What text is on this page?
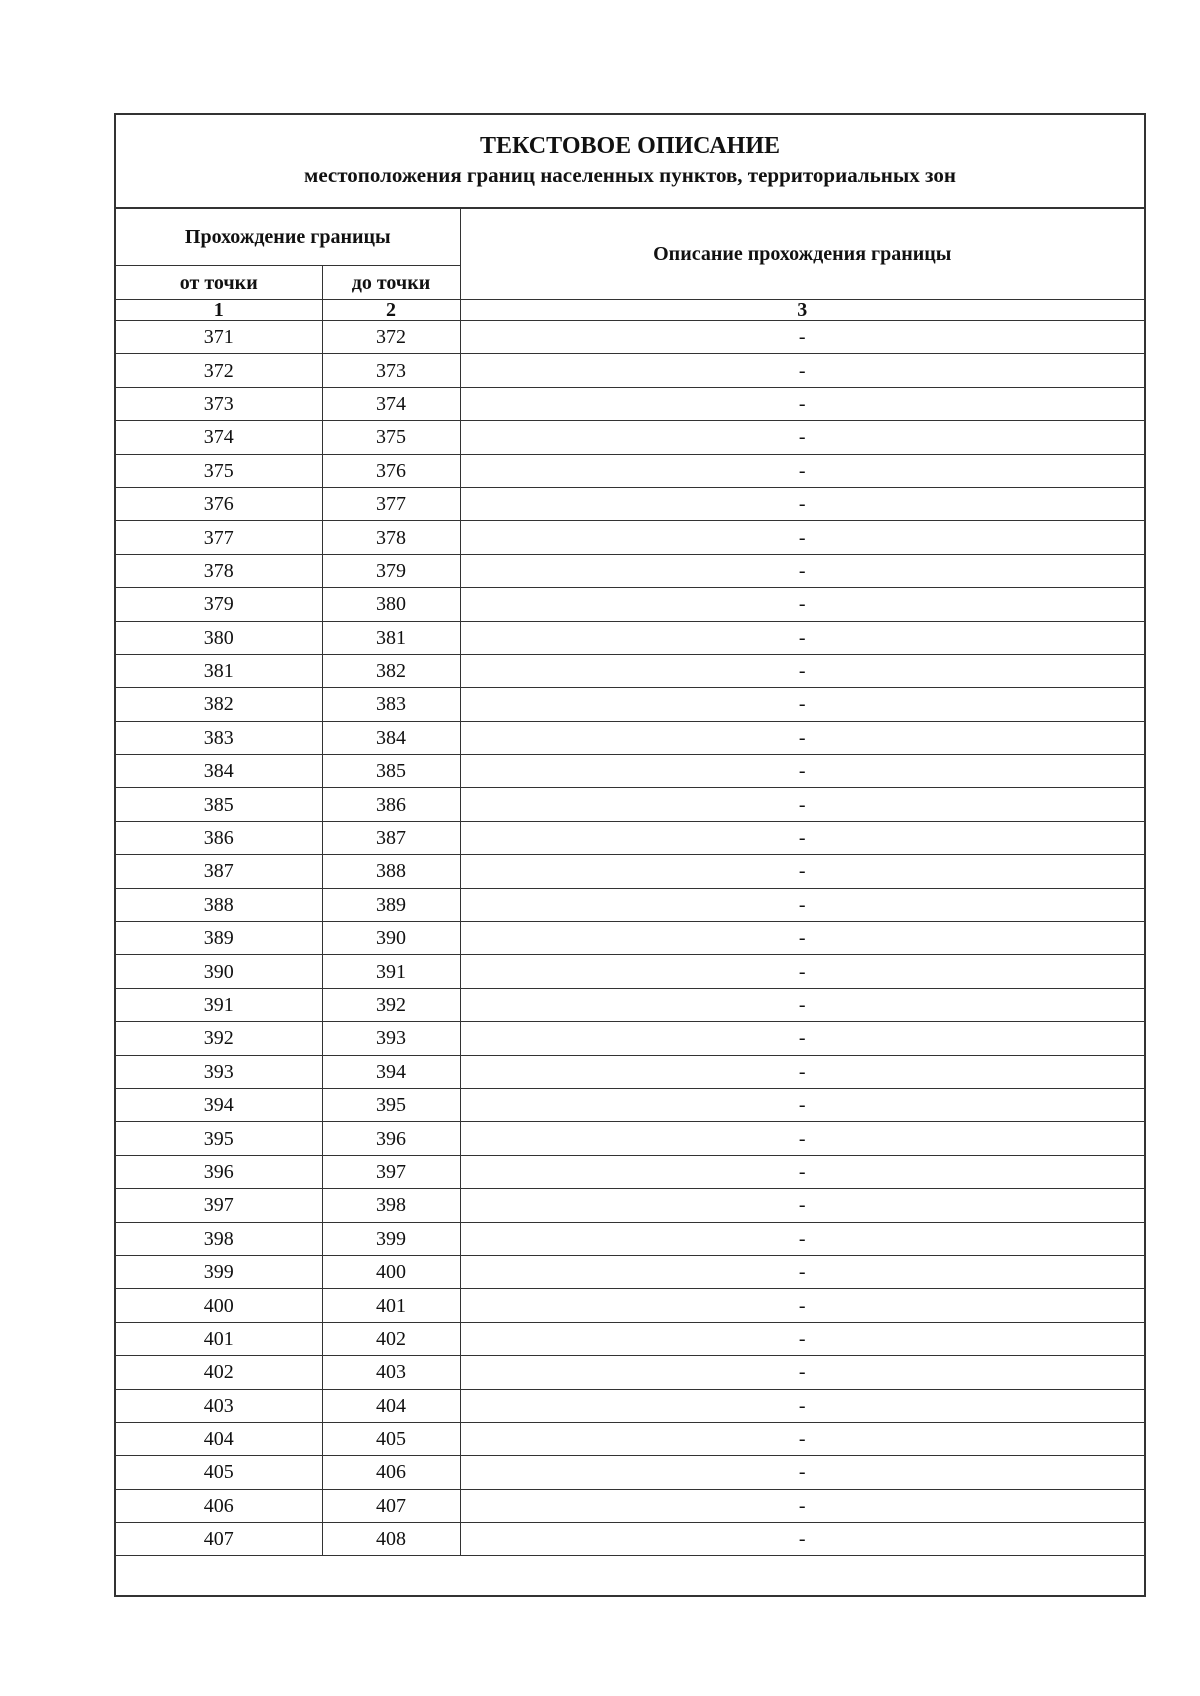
ТЕКСТОВОЕ ОПИСАНИЕ
местоположения границ населенных пунктов, территориальных зон
Прохождение границы		Описание прохождения границы
от точки	до точки	
1	2	3
371	372	-
372	373	-
373	374	-
374	375	-
375	376	-
376	377	-
377	378	-
378	379	-
379	380	-
380	381	-
381	382	-
382	383	-
383	384	-
384	385	-
385	386	-
386	387	-
387	388	-
388	389	-
389	390	-
390	391	-
391	392	-
392	393	-
393	394	-
394	395	-
395	396	-
396	397	-
397	398	-
398	399	-
399	400	-
400	401	-
401	402	-
402	403	-
403	404	-
404	405	-
405	406	-
406	407	-
407	408	-
